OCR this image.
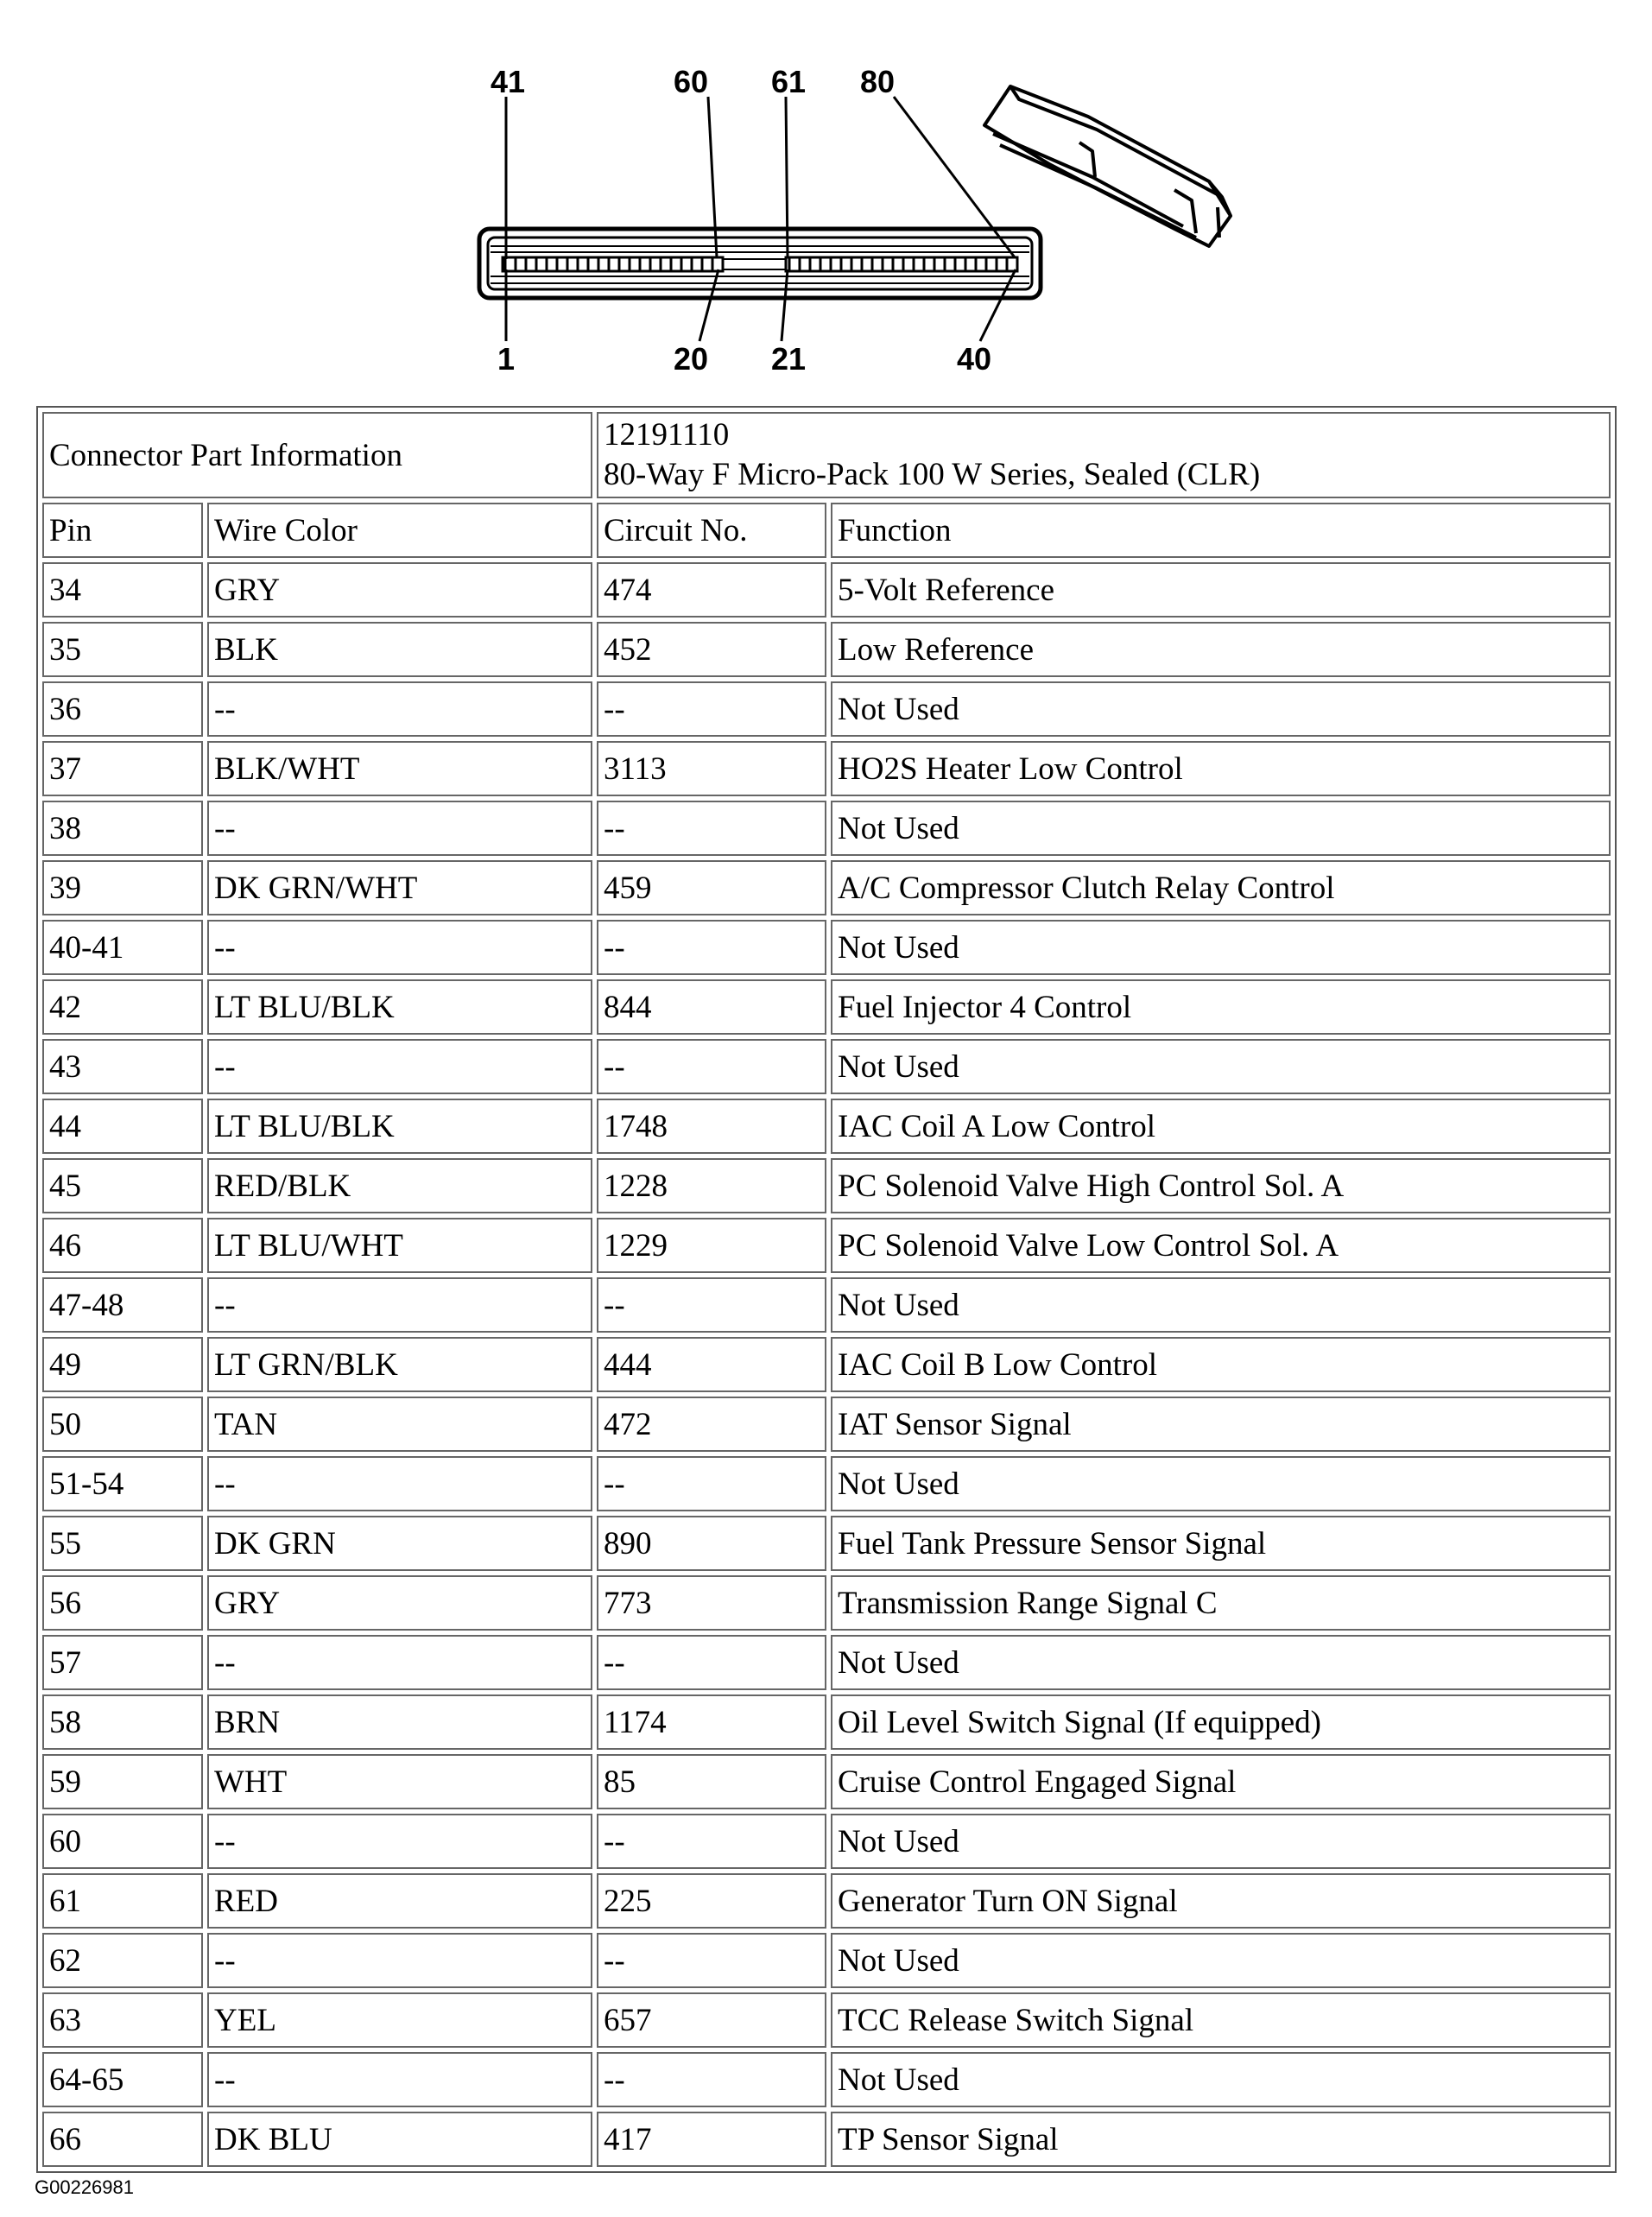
41	60 61 80
1	20 21	40
Connector Part Information		12191110
80-Way F Micro-Pack 100 W Series, Sealed (CLR)	
Pin	Wire Color	Circuit No.	Function
34	GRY	474	5-Volt Reference
35	BLK	452	Low Reference
36	--	--	Not Used
37	BLK/WHT	3113	HO2S Heater Low Control
38	--	--	Not Used
39	DK GRN/WHT	459	A/C Compressor Clutch Relay Control
40-41	--	--	Not Used
42	LT BLU/BLK	844	Fuel Injector 4 Control
43	--	--	Not Used
44	LT BLU/BLK	1748	IAC Coil A Low Control
45	RED/BLK	1228	PC Solenoid Valve High Control Sol. A
46	LT BLU/WHT	1229	PC Solenoid Valve Low Control Sol. A
47-48	--	--	Not Used
49	LT GRN/BLK	444	IAC Coil B Low Control
50	TAN	472	IAT Sensor Signal
51-54	--	--	Not Used
55	DK GRN	890	Fuel Tank Pressure Sensor Signal
56	GRY	773	Transmission Range Signal C
57	--	--	Not Used
58	BRN	1174	Oil Level Switch Signal (If equipped)
59	WHT	85	Cruise Control Engaged Signal
60	--	--	Not Used
61	RED	225	Generator Turn ON Signal
62	--	--	Not Used
63	YEL	657	TCC Release Switch Signal
64-65	--	--	Not Used
66	DK BLU	417	TP Sensor Signal
G00226981
